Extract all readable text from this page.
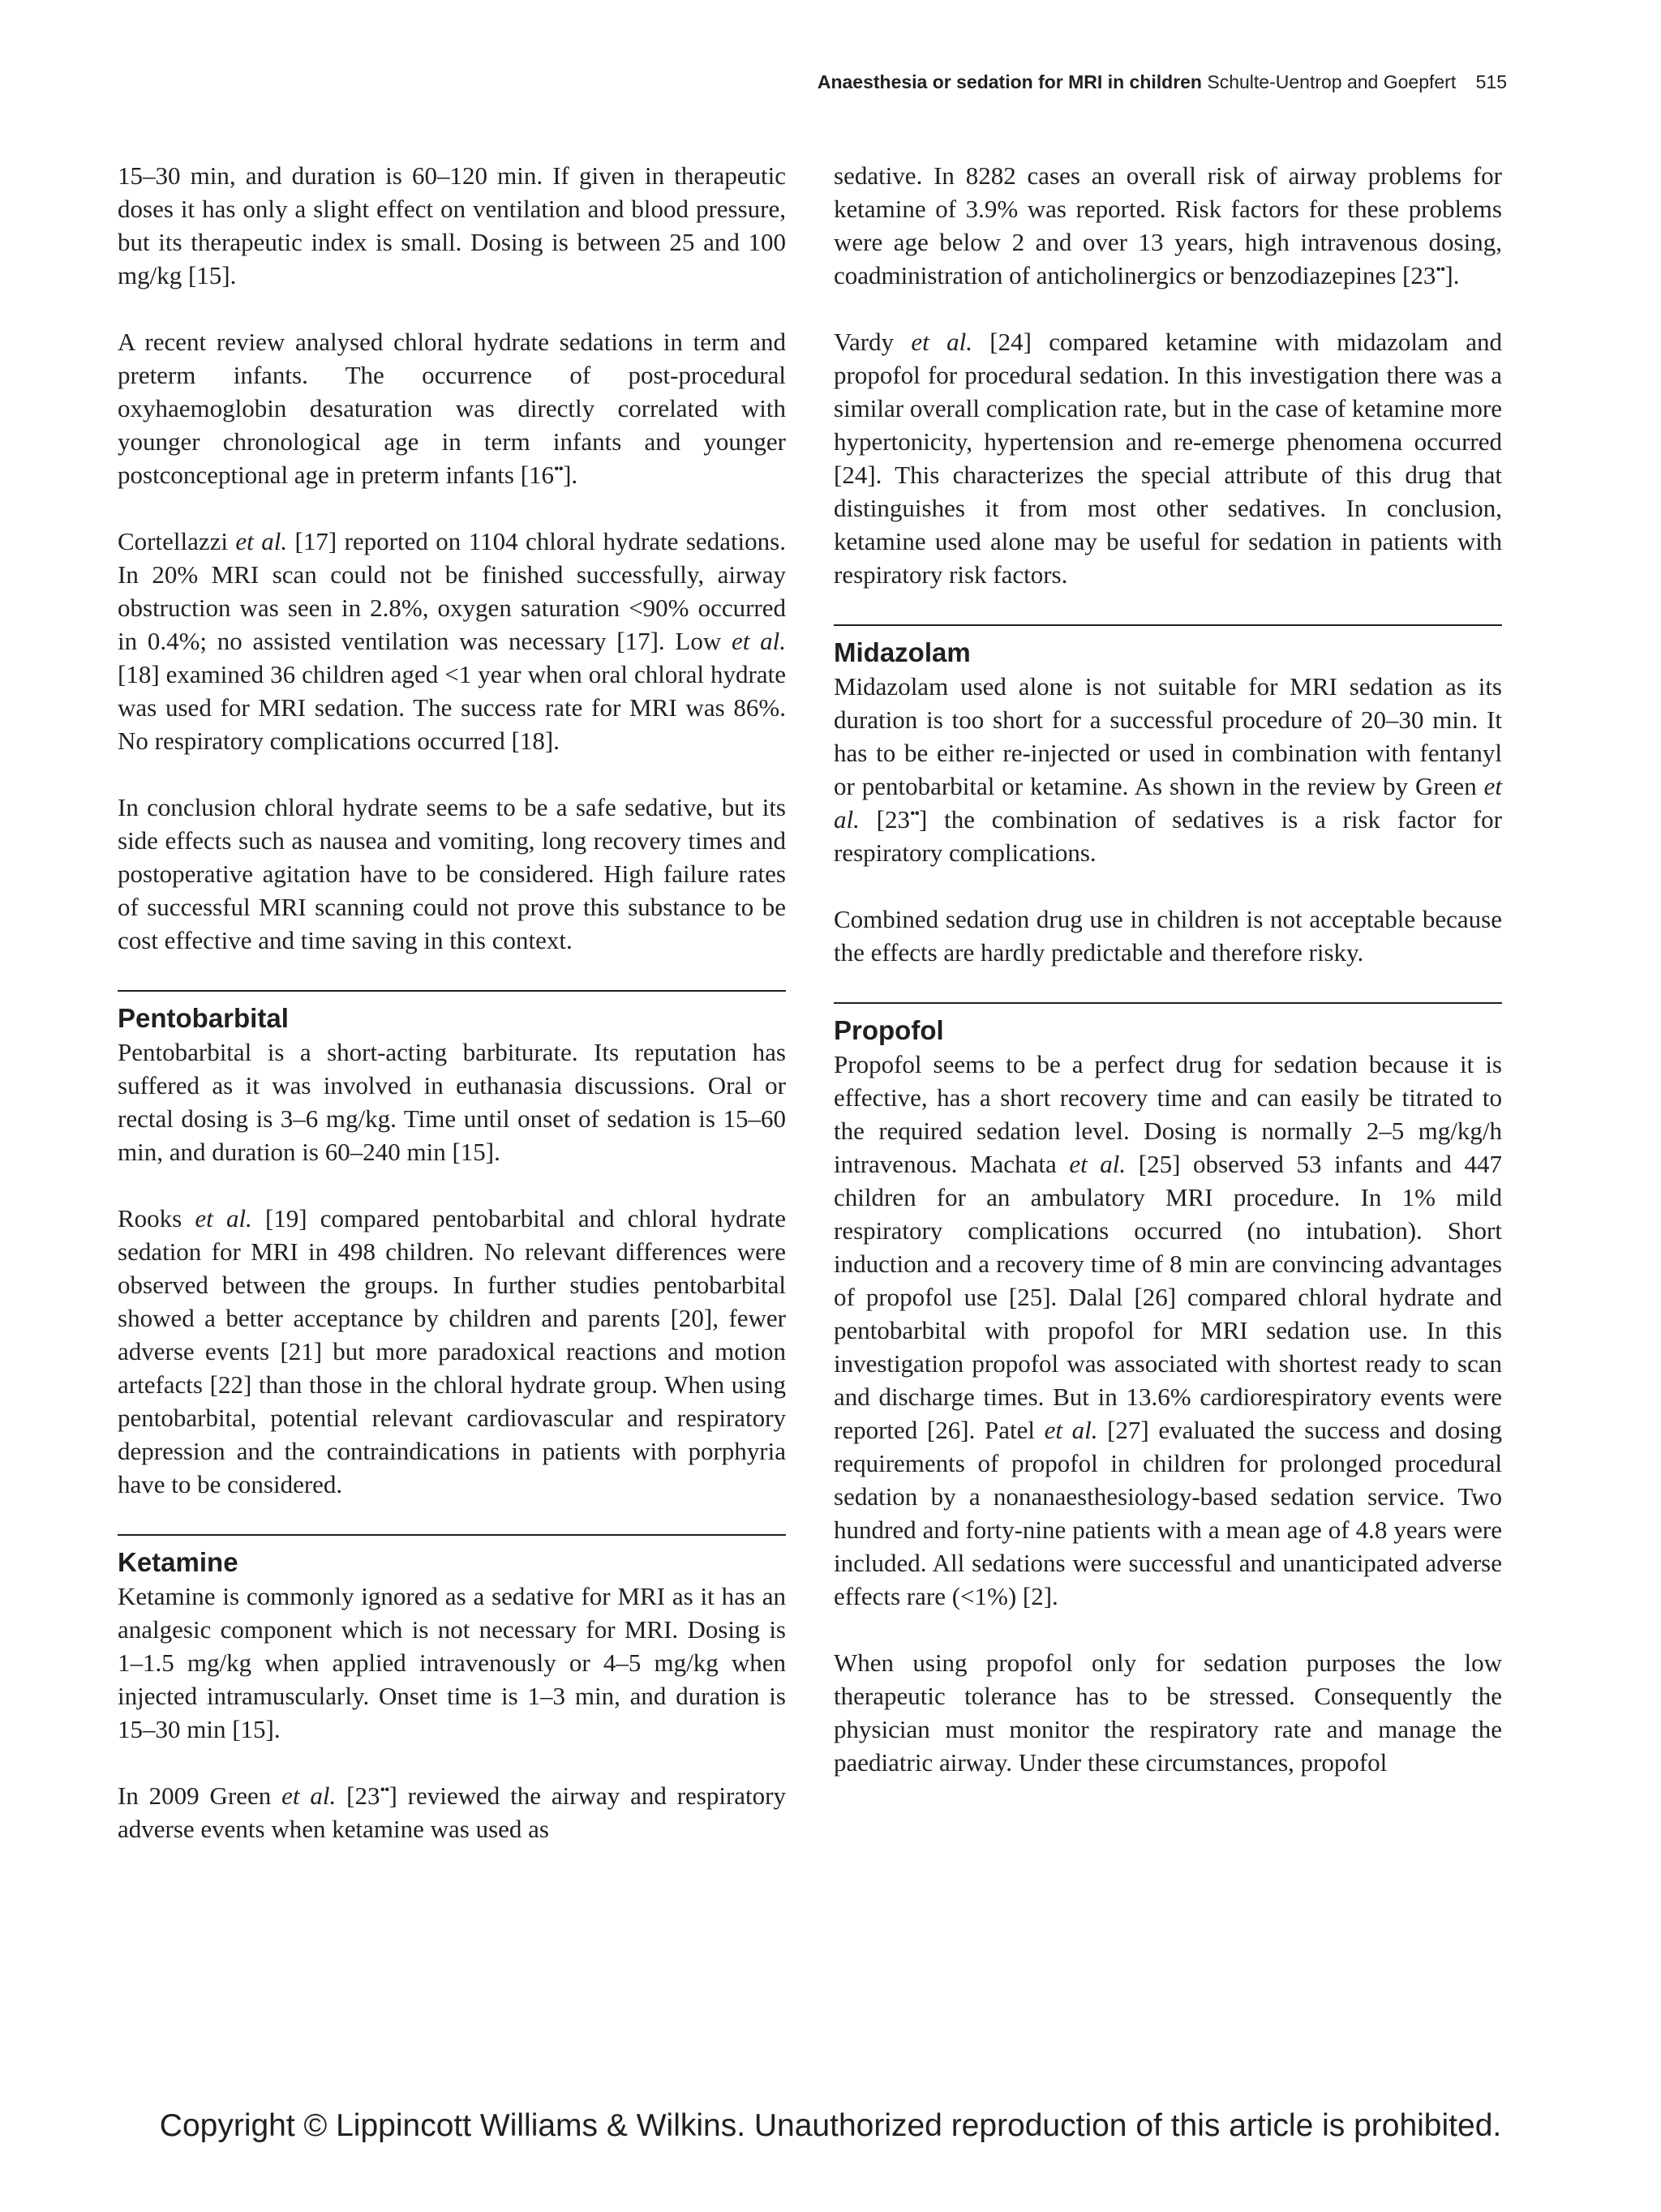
Anaesthesia or sedation for MRI in children Schulte-Uentrop and Goepfert 515

15–30 min, and duration is 60–120 min. If given in therapeutic doses it has only a slight effect on ventilation and blood pressure, but its therapeutic index is small. Dosing is between 25 and 100 mg/kg [15].

A recent review analysed chloral hydrate sedations in term and preterm infants. The occurrence of post-procedural oxyhaemoglobin desaturation was directly correlated with younger chronological age in term infants and younger postconceptional age in preterm infants [16••].

Cortellazzi et al. [17] reported on 1104 chloral hydrate sedations. In 20% MRI scan could not be finished successfully, airway obstruction was seen in 2.8%, oxygen saturation <90% occurred in 0.4%; no assisted ventilation was necessary [17]. Low et al. [18] examined 36 children aged <1 year when oral chloral hydrate was used for MRI sedation. The success rate for MRI was 86%. No respiratory complications occurred [18].

In conclusion chloral hydrate seems to be a safe sedative, but its side effects such as nausea and vomiting, long recovery times and postoperative agitation have to be considered. High failure rates of successful MRI scanning could not prove this substance to be cost effective and time saving in this context.

Pentobarbital

Pentobarbital is a short-acting barbiturate. Its reputation has suffered as it was involved in euthanasia discussions. Oral or rectal dosing is 3–6 mg/kg. Time until onset of sedation is 15–60 min, and duration is 60–240 min [15].

Rooks et al. [19] compared pentobarbital and chloral hydrate sedation for MRI in 498 children. No relevant differences were observed between the groups. In further studies pentobarbital showed a better acceptance by children and parents [20], fewer adverse events [21] but more paradoxical reactions and motion artefacts [22] than those in the chloral hydrate group. When using pentobarbital, potential relevant cardiovascular and respiratory depression and the contraindications in patients with porphyria have to be considered.

Ketamine

Ketamine is commonly ignored as a sedative for MRI as it has an analgesic component which is not necessary for MRI. Dosing is 1–1.5 mg/kg when applied intravenously or 4–5 mg/kg when injected intramuscularly. Onset time is 1–3 min, and duration is 15–30 min [15].

In 2009 Green et al. [23••] reviewed the airway and respiratory adverse events when ketamine was used as

sedative. In 8282 cases an overall risk of airway problems for ketamine of 3.9% was reported. Risk factors for these problems were age below 2 and over 13 years, high intravenous dosing, coadministration of anticholinergics or benzodiazepines [23••].

Vardy et al. [24] compared ketamine with midazolam and propofol for procedural sedation. In this investigation there was a similar overall complication rate, but in the case of ketamine more hypertonicity, hypertension and re-emerge phenomena occurred [24]. This characterizes the special attribute of this drug that distinguishes it from most other sedatives. In conclusion, ketamine used alone may be useful for sedation in patients with respiratory risk factors.

Midazolam

Midazolam used alone is not suitable for MRI sedation as its duration is too short for a successful procedure of 20–30 min. It has to be either re-injected or used in combination with fentanyl or pentobarbital or ketamine. As shown in the review by Green et al. [23••] the combination of sedatives is a risk factor for respiratory complications.

Combined sedation drug use in children is not acceptable because the effects are hardly predictable and therefore risky.

Propofol

Propofol seems to be a perfect drug for sedation because it is effective, has a short recovery time and can easily be titrated to the required sedation level. Dosing is normally 2–5 mg/kg/h intravenous. Machata et al. [25] observed 53 infants and 447 children for an ambulatory MRI procedure. In 1% mild respiratory complications occurred (no intubation). Short induction and a recovery time of 8 min are convincing advantages of propofol use [25]. Dalal [26] compared chloral hydrate and pentobarbital with propofol for MRI sedation use. In this investigation propofol was associated with shortest ready to scan and discharge times. But in 13.6% cardiorespiratory events were reported [26]. Patel et al. [27] evaluated the success and dosing requirements of propofol in children for prolonged procedural sedation by a nonanaesthesiology-based sedation service. Two hundred and forty-nine patients with a mean age of 4.8 years were included. All sedations were successful and unanticipated adverse effects rare (<1%) [2].

When using propofol only for sedation purposes the low therapeutic tolerance has to be stressed. Consequently the physician must monitor the respiratory rate and manage the paediatric airway. Under these circumstances, propofol

Copyright © Lippincott Williams & Wilkins. Unauthorized reproduction of this article is prohibited.
